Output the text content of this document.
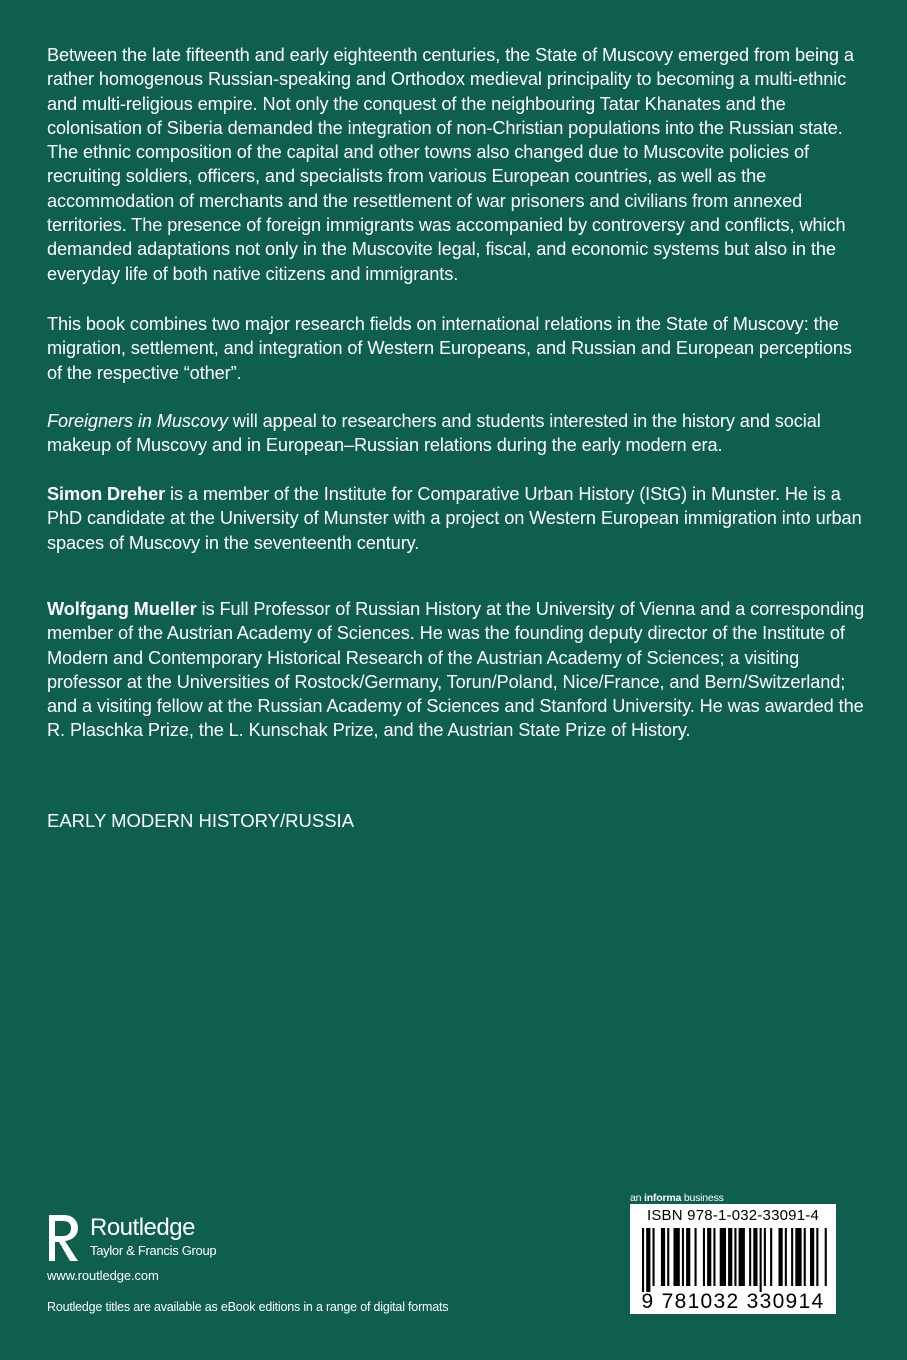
Between the late fifteenth and early eighteenth centuries, the State of Muscovy emerged from being a rather homogenous Russian-speaking and Orthodox medieval principality to becoming a multi-ethnic and multi-religious empire. Not only the conquest of the neighbouring Tatar Khanates and the colonisation of Siberia demanded the integration of non-Christian populations into the Russian state. The ethnic composition of the capital and other towns also changed due to Muscovite policies of recruiting soldiers, officers, and specialists from various European countries, as well as the accommodation of merchants and the resettlement of war prisoners and civilians from annexed territories. The presence of foreign immigrants was accompanied by controversy and conflicts, which demanded adaptations not only in the Muscovite legal, fiscal, and economic systems but also in the everyday life of both native citizens and immigrants.

This book combines two major research fields on international relations in the State of Muscovy: the migration, settlement, and integration of Western Europeans, and Russian and European perceptions of the respective “other”.

Foreigners in Muscovy will appeal to researchers and students interested in the history and social makeup of Muscovy and in European–Russian relations during the early modern era.

Simon Dreher is a member of the Institute for Comparative Urban History (IStG) in Munster. He is a PhD candidate at the University of Munster with a project on Western European immigration into urban spaces of Muscovy in the seventeenth century.

Wolfgang Mueller is Full Professor of Russian History at the University of Vienna and a corresponding member of the Austrian Academy of Sciences. He was the founding deputy director of the Institute of Modern and Contemporary Historical Research of the Austrian Academy of Sciences; a visiting professor at the Universities of Rostock/Germany, Torun/Poland, Nice/France, and Bern/Switzerland; and a visiting fellow at the Russian Academy of Sciences and Stanford University. He was awarded the R. Plaschka Prize, the L. Kunschak Prize, and the Austrian State Prize of History.

EARLY MODERN HISTORY/RUSSIA

Routledge
Taylor & Francis Group
www.routledge.com
Routledge titles are available as eBook editions in a range of digital formats
an informa business
ISBN 978-1-032-33091-4
9 781032 330914
